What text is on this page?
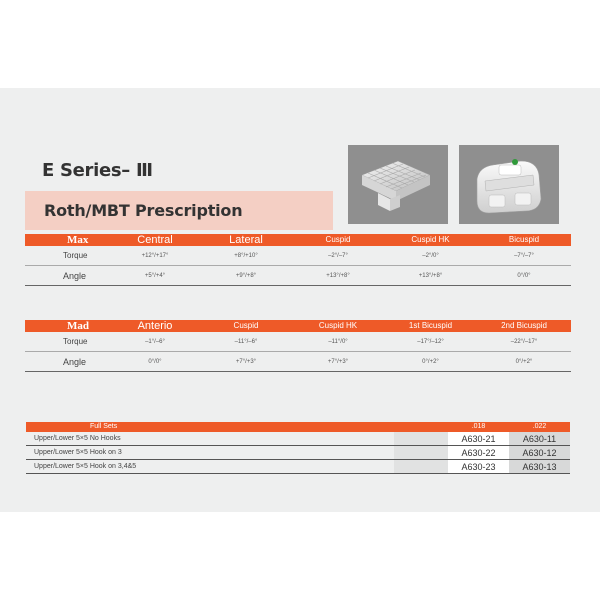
E Series– Ⅲ
Roth/MBT Prescription
Max	Central	Lateral	Cuspid	Cuspid HK	Bicuspid
Torque	+12°/+17°	+8°/+10°	–2°/–7°	–2°/0°	–7°/–7°
Angle	+5°/+4°	+9°/+8°	+13°/+8°	+13°/+8°	0°/0°
Mad	Anterio	Cuspid	Cuspid HK	1st Bicuspid	2nd Bicuspid
Torque	–1°/–6°	–11°/–6°	–11°/0°	–17°/–12°	–22°/–17°
Angle	0°/0°	+7°/+3°	+7°/+3°	0°/+2°	0°/+2°
Full Sets			.018	.022
Upper/Lower 5×5 No Hooks			A630-21	A630-11
Upper/Lower 5×5 Hook on 3			A630-22	A630-12
Upper/Lower 5×5 Hook on 3,4&5			A630-23	A630-13
